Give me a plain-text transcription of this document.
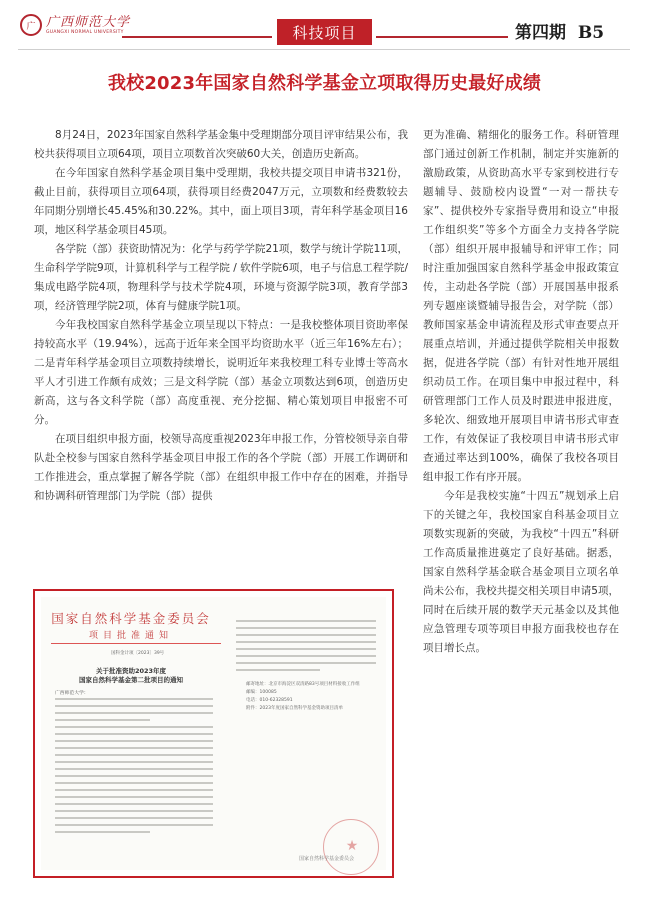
广 广西师范大学
GUANGXI NORMAL UNIVERSITY	科技项目	第四期 B5
我校2023年国家自然科学基金立项取得历史最好成绩

8月24日，2023年国家自然科学基金集中受理期部分项目评审结果公布，我校共获得项目立项64项，项目立项数首次突破60大关，创造历史新高。

在今年国家自然科学基金项目集中受理期，我校共提交项目申请书321份，截止目前，获得项目立项64项，获得项目经费2047万元，立项数和经费数较去年同期分别增长45.45%和30.22%。其中，面上项目3项，青年科学基金项目16项，地区科学基金项目45项。

各学院（部）获资助情况为：化学与药学学院21项，数学与统计学院11项，生命科学学院9项，计算机科学与工程学院 / 软件学院6项，电子与信息工程学院/集成电路学院4项，物理科学与技术学院4项，环境与资源学院3项，教育学部3项，经济管理学院2项，体育与健康学院1项。

今年我校国家自然科学基金立项呈现以下特点：一是我校整体项目资助率保持较高水平（19.94%），远高于近年来全国平均资助水平（近三年16%左右）；二是青年科学基金项目立项数持续增长，说明近年来我校理工科专业博士等高水平人才引进工作颇有成效；三是文科学院（部）基金立项数达到6项，创造历史新高，这与各文科学院（部）高度重视、充分挖掘、精心策划项目申报密不可分。

在项目组织申报方面，校领导高度重视2023年申报工作，分管校领导亲自带队赴全校参与国家自然科学基金项目申报工作的各个学院（部）开展工作调研和工作推进会，重点掌握了解各学院（部）在组织申报工作中存在的困难，并指导和协调科研管理部门为学院（部）提供

更为准确、精细化的服务工作。科研管理部门通过创新工作机制，制定并实施新的激励政策，从资助高水平专家到校进行专题辅导、鼓励校内设置“一对一帮扶专家”、提供校外专家指导费用和设立“申报工作组织奖”等多个方面全力支持各学院（部）组织开展申报辅导和评审工作；同时注重加强国家自然科学基金申报政策宣传，主动赴各学院（部）开展国基申报系列专题座谈暨辅导报告会，对学院（部）教师国家基金申请流程及形式审查要点开展重点培训，并通过提供学院相关申报数据，促进各学院（部）有针对性地开展组织动员工作。在项目集中申报过程中，科研管理部门工作人员及时跟进申报进度，多轮次、细致地开展项目申请书形式审查工作，有效保证了我校项目申请书形式审查通过率达到100%，确保了我校各项目组申报工作有序开展。

今年是我校实施“十四五”规划承上启下的关键之年，我校国家自科基金项目立项数实现新的突破，为我校“十四五”科研工作高质量推进奠定了良好基础。据悉，国家自然科学基金联合基金项目立项名单尚未公布，我校共提交相关项目申请5项，同时在后续开展的数学天元基金以及其他应急管理专项等项目申报方面我校也存在项目增长点。

国家自然科学基金委员会
项目批准通知
国科金计项〔2023〕39号
关于批准资助2023年度
国家自然科学基金第二批项目的通知
广西师范大学：
邮寄地址：北京市海淀区双清路83号项目材料接收工作组
邮编：100085
电话：010-62328591
附件：2023年度国家自然科学基金资助项目清单
★
国家自然科学基金委员会
